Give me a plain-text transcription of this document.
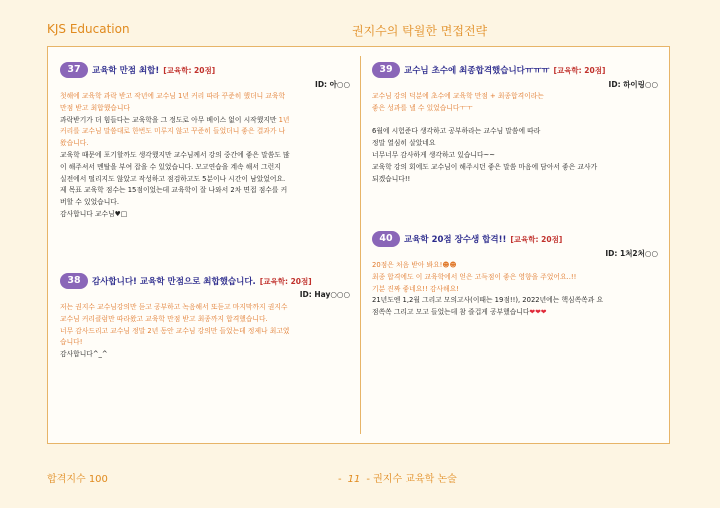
KJS Education	권지수의 탁월한 면접전략
37	교육학 만점 최합! [교육학: 20점]
ID: 아○○
첫해에 교육학 과락 받고 작년에 교수님 1년 커리 따라 꾸준히 했더니 교육학
만점 받고 최합했습니다
과락받기가 더 힘들다는 교육학을 그 정도로 아무 베이스 없이 시작했지만 1년
커리를 교수님 말씀대로 한번도 미루지 않고 꾸준히 들었더니 좋은 결과가 나
왔습니다.
교육학 때문에 포기할까도 생각했지만 교수님께서 강의 중간에 좋은 말씀도 많
이 해주셔서 멘탈을 부여 잡을 수 있었습니다. 모고연습을 계속 해서 그런지
실전에서 떨리지도 않았고 작성하고 점검하고도 5분이나 시간이 남았었어요.
제 목표 교육학 점수는 15점이었는데 교육학이 잘 나와서 2차 면접 점수를 커
버할 수 있었습니다.
감사합니다 교수님♥□
38	감사합니다! 교육학 만점으로 최합했습니다. [교육학: 20점]
ID: Hay○○○
저는 권지수 교수님강의만 듣고 공부하고 녹음해서 또듣고 마지막까지 권지수
교수님 커리클럼만 따라왔고 교육학 만점 받고 최종까지 합격했습니다.
너무 감사드리고 교수님 정말 2년 동안 교수님 강의만 들었는데 정제나 최고였
습니다!
감사합니다^_^
39	교수님 초수에 최종합격했습니다ㅠㅠㅠ [교육학: 20점]
ID: 하이링○○
교수님 강의 덕분에 초수에 교육학 만점 + 최종합격이라는
좋은 성과를 낼 수 있었습니다ㅜㅜ

6월에 시험준다 생각하고 공부하라는 교수님 말씀에 따라
정말 열심히 살았네요
너무너무 감사하게 생각하고 있습니다~~
교육학 강의 회에도 교수님이 해주시던 좋은 말씀 마음에 담아서 좋은 교사가
되겠습니다!!
40	교육학 20점 장수생 합격!! [교육학: 20점]
ID: 1처2처○○
20점은 처음 받아 봐요!☻☻
최종 합격에도 이 교육학에서 얻은 고득점이 좋은 영향을 주었어요..!!
기분 진짜 좋네요!! 감사해요!
21년도엔 1,2월 그리고 모의고사(이때는 19점!!), 2022년에는 핵심쏙쏙과 요
점쏙쏙 그리고 모고 들었는데 참 즐겁게 공부했습니다❤❤❤
합격지수 100	- 11 - 권지수 교육학 논술
